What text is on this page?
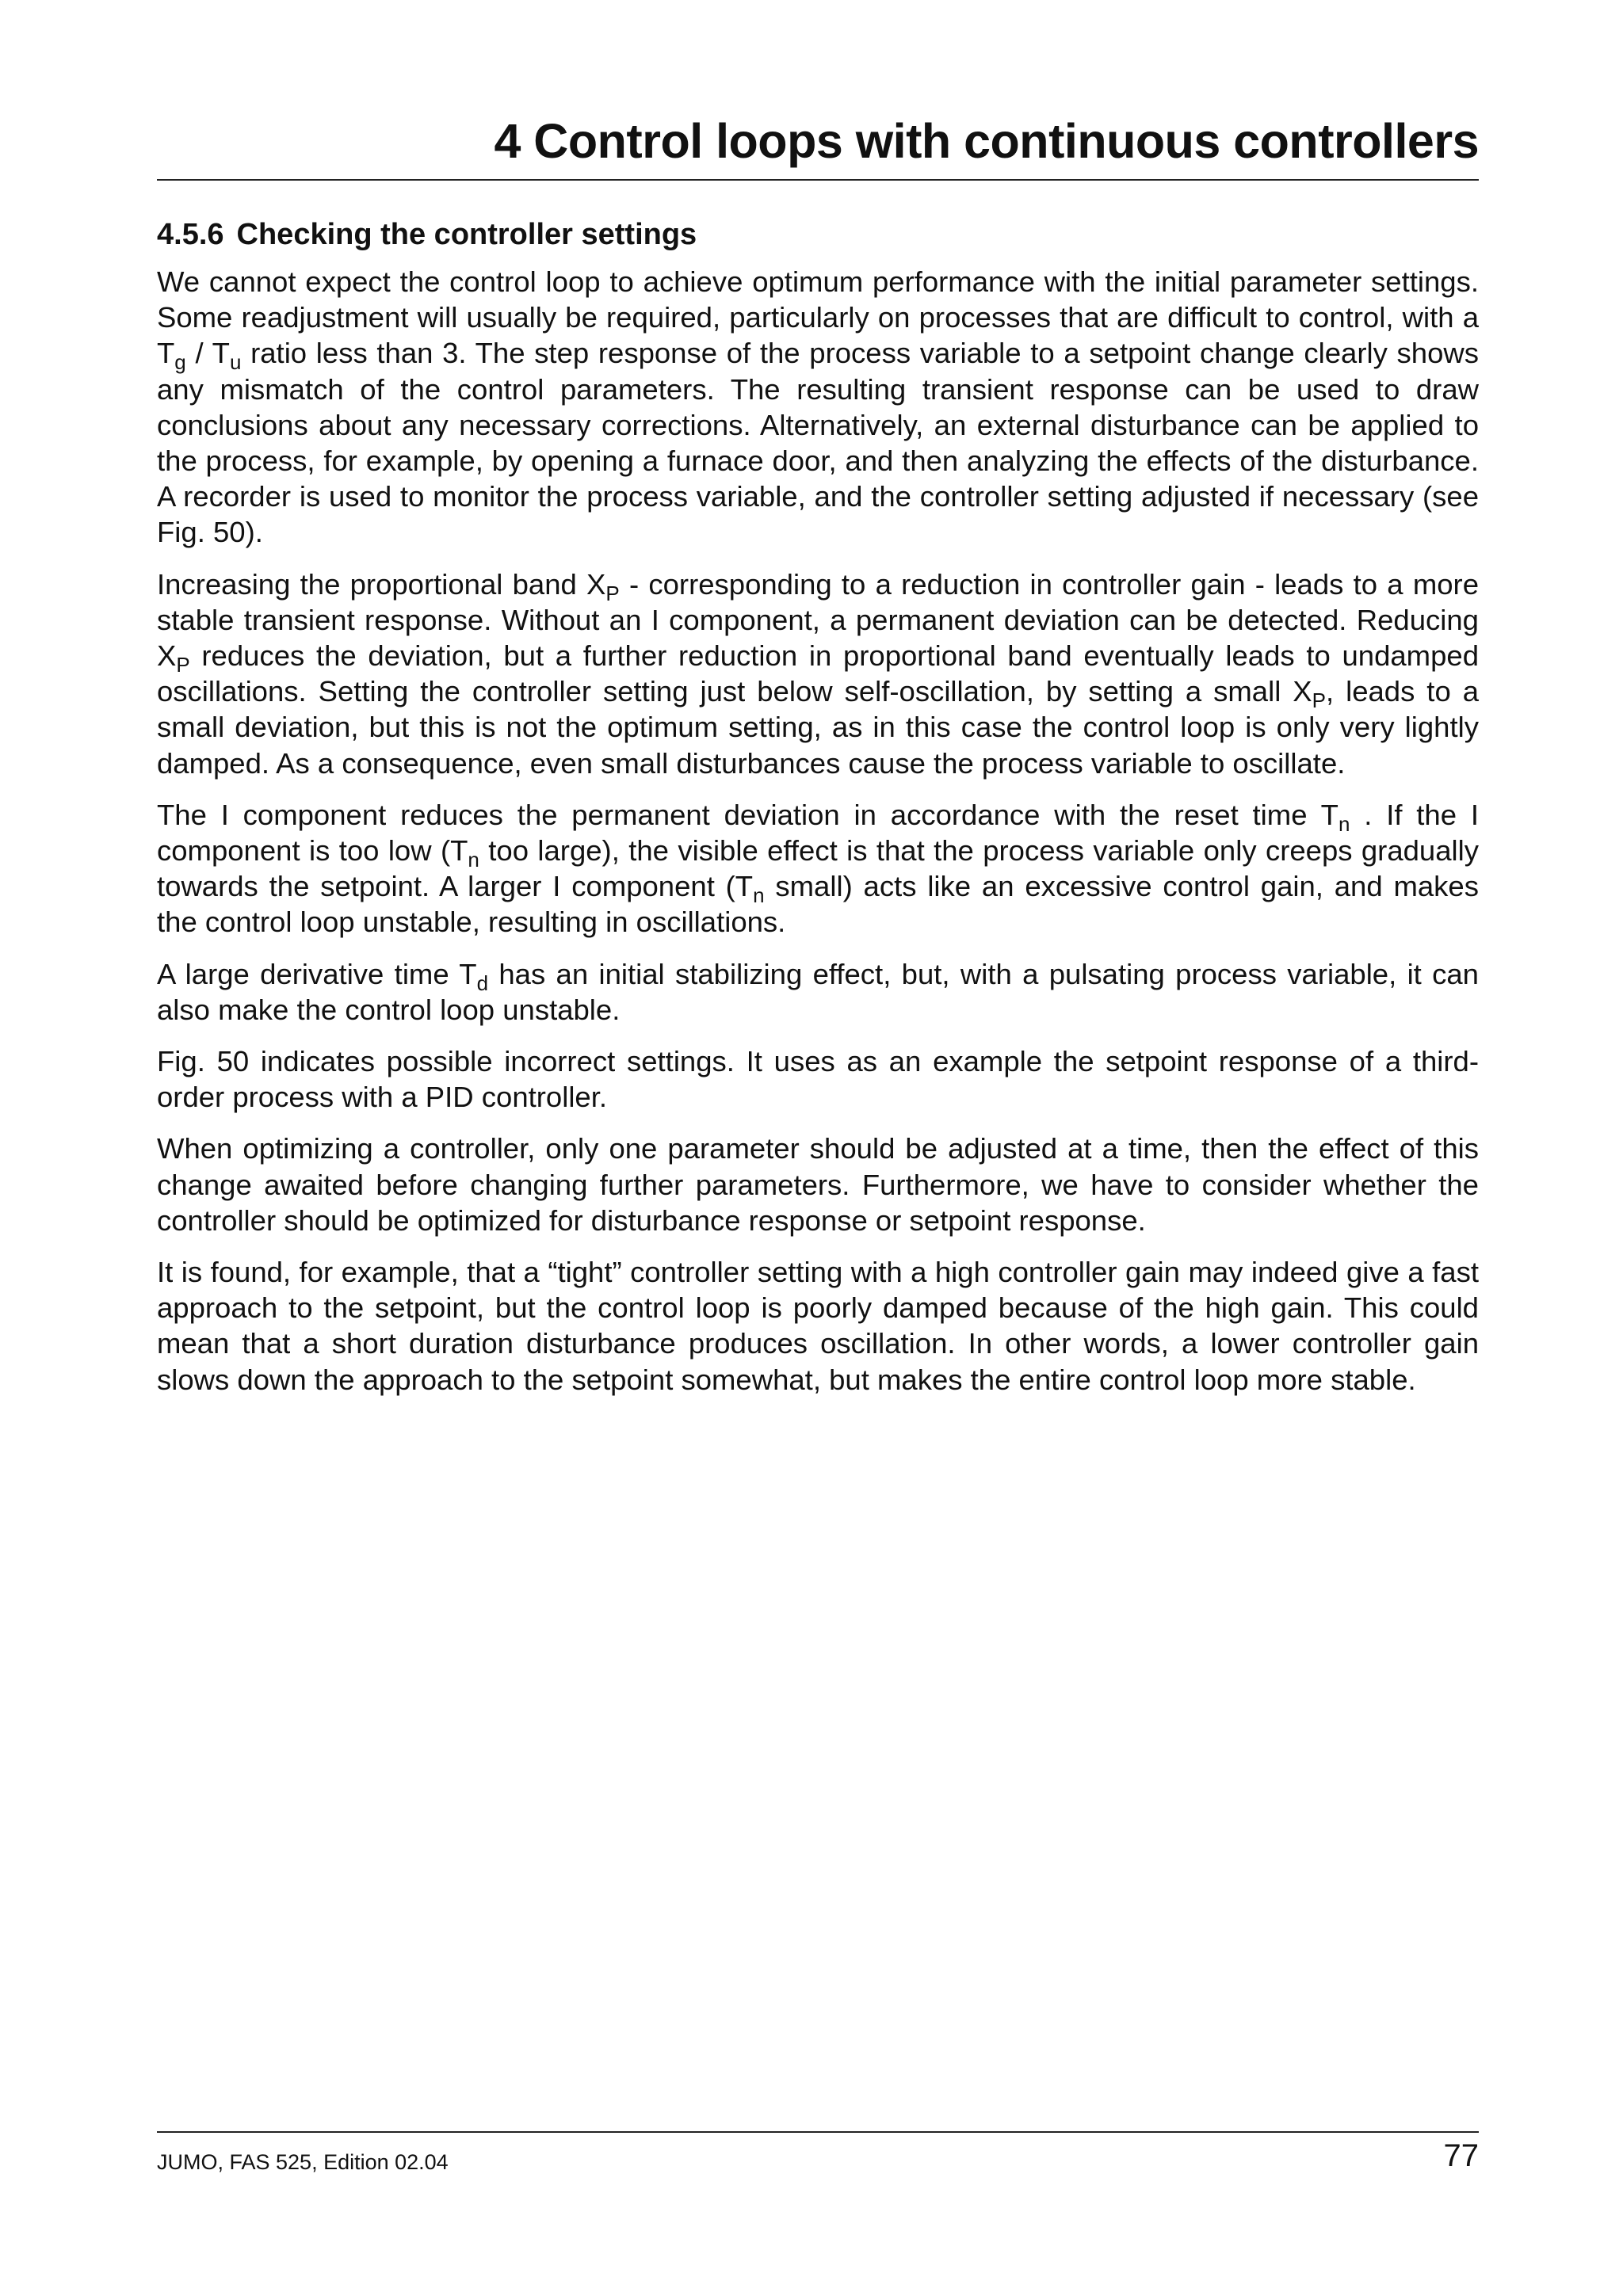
4 Control loops with continuous controllers
4.5.6 Checking the controller settings

We cannot expect the control loop to achieve optimum performance with the initial parameter settings. Some readjustment will usually be required, particularly on processes that are difficult to control, with a $T_g / T_u$ ratio less than 3. The step response of the process variable to a setpoint change clearly shows any mismatch of the control parameters. The resulting transient response can be used to draw conclusions about any necessary corrections. Alternatively, an external disturbance can be applied to the process, for example, by opening a furnace door, and then analyzing the effects of the disturbance. A recorder is used to monitor the process variable, and the controller setting adjusted if necessary (see Fig. 50).

Increasing the proportional band $X_P$ - corresponding to a reduction in controller gain - leads to a more stable transient response. Without an I component, a permanent deviation can be detected. Reducing $X_P$ reduces the deviation, but a further reduction in proportional band eventually leads to undamped oscillations. Setting the controller setting just below self-oscillation, by setting a small $X_P$, leads to a small deviation, but this is not the optimum setting, as in this case the control loop is only very lightly damped. As a consequence, even small disturbances cause the process variable to oscillate.

The I component reduces the permanent deviation in accordance with the reset time $T_n$ . If the I component is too low ($T_n$ too large), the visible effect is that the process variable only creeps gradually towards the setpoint. A larger I component ($T_n$ small) acts like an excessive control gain, and makes the control loop unstable, resulting in oscillations.

A large derivative time $T_d$ has an initial stabilizing effect, but, with a pulsating process variable, it can also make the control loop unstable.

Fig. 50 indicates possible incorrect settings. It uses as an example the setpoint response of a third-order process with a PID controller.

When optimizing a controller, only one parameter should be adjusted at a time, then the effect of this change awaited before changing further parameters. Furthermore, we have to consider whether the controller should be optimized for disturbance response or setpoint response.

It is found, for example, that a “tight” controller setting with a high controller gain may indeed give a fast approach to the setpoint, but the control loop is poorly damped because of the high gain. This could mean that a short duration disturbance produces oscillation. In other words, a lower controller gain slows down the approach to the setpoint somewhat, but makes the entire control loop more stable.

JUMO, FAS 525, Edition 02.04	77
